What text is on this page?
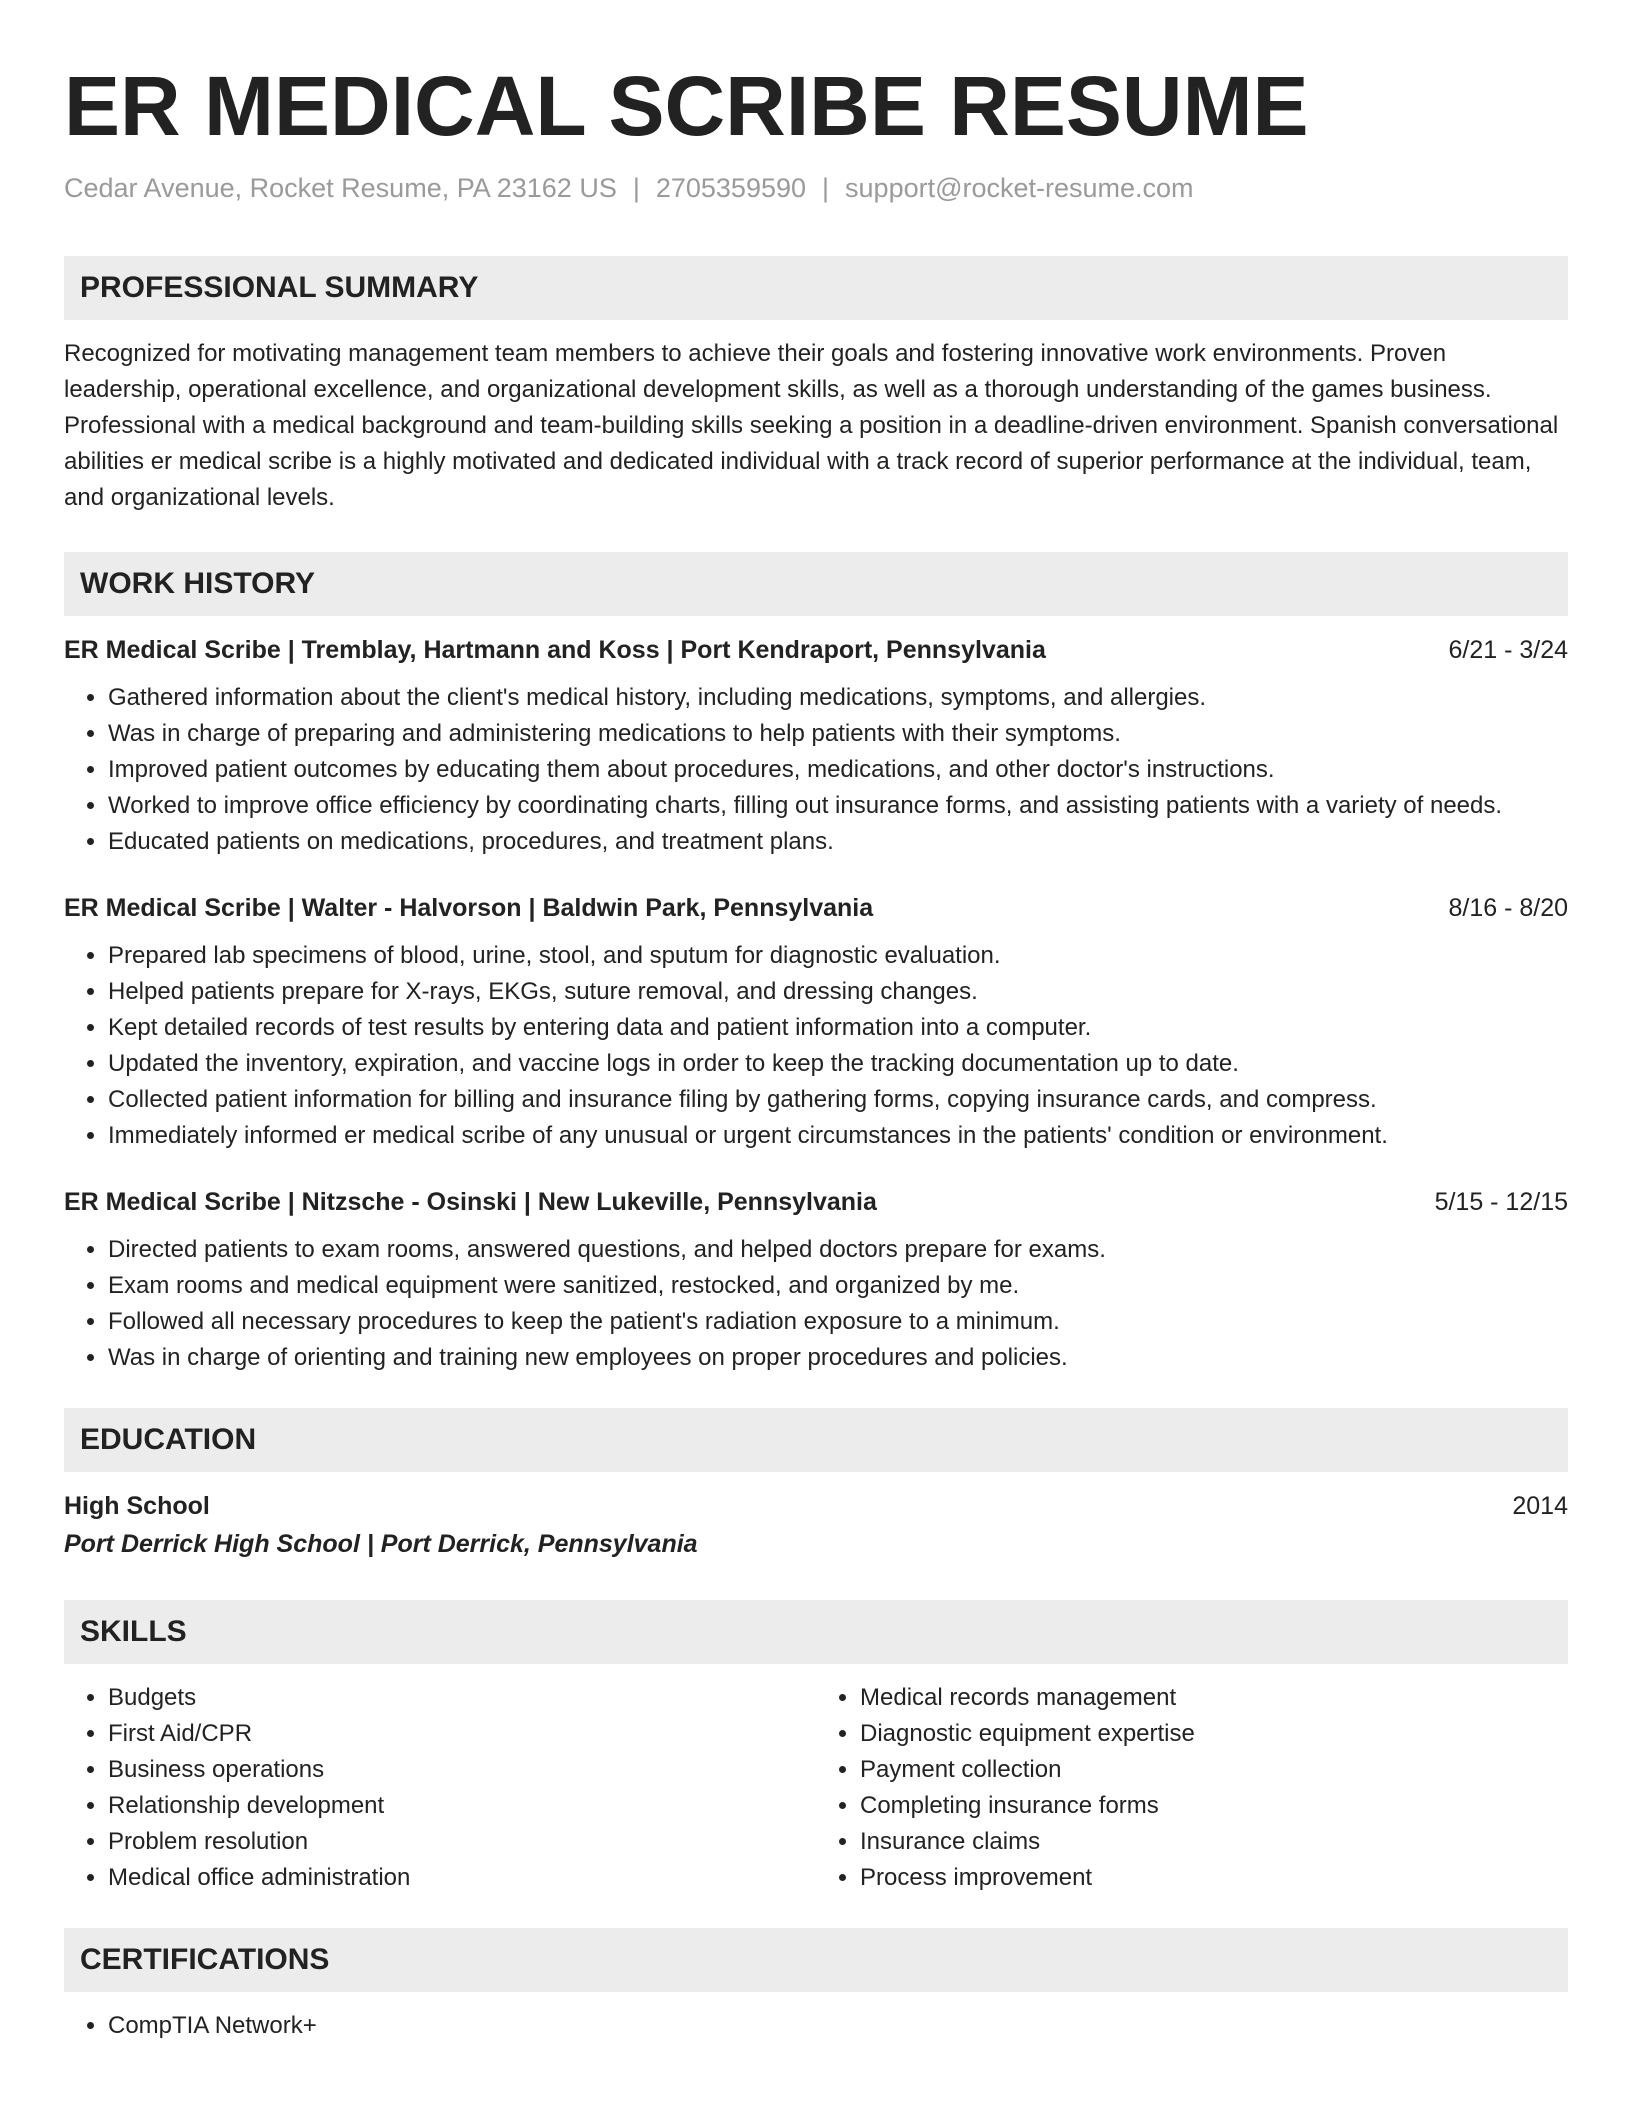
ER MEDICAL SCRIBE RESUME
Cedar Avenue, Rocket Resume, PA 23162 US | 2705359590 | support@rocket-resume.com
PROFESSIONAL SUMMARY

Recognized for motivating management team members to achieve their goals and fostering innovative work environments. Proven leadership, operational excellence, and organizational development skills, as well as a thorough understanding of the games business. Professional with a medical background and team-building skills seeking a position in a deadline-driven environment. Spanish conversational abilities er medical scribe is a highly motivated and dedicated individual with a track record of superior performance at the individual, team, and organizational levels.

WORK HISTORY
ER Medical Scribe | Tremblay, Hartmann and Koss | Port Kendraport, Pennsylvania	6/21 - 3/24
• Gathered information about the client's medical history, including medications, symptoms, and allergies.
• Was in charge of preparing and administering medications to help patients with their symptoms.
• Improved patient outcomes by educating them about procedures, medications, and other doctor's instructions.
• Worked to improve office efficiency by coordinating charts, filling out insurance forms, and assisting patients with a variety of needs.
• Educated patients on medications, procedures, and treatment plans.
ER Medical Scribe | Walter - Halvorson | Baldwin Park, Pennsylvania	8/16 - 8/20
• Prepared lab specimens of blood, urine, stool, and sputum for diagnostic evaluation.
• Helped patients prepare for X-rays, EKGs, suture removal, and dressing changes.
• Kept detailed records of test results by entering data and patient information into a computer.
• Updated the inventory, expiration, and vaccine logs in order to keep the tracking documentation up to date.
• Collected patient information for billing and insurance filing by gathering forms, copying insurance cards, and compress.
• Immediately informed er medical scribe of any unusual or urgent circumstances in the patients' condition or environment.
ER Medical Scribe | Nitzsche - Osinski | New Lukeville, Pennsylvania	5/15 - 12/15
• Directed patients to exam rooms, answered questions, and helped doctors prepare for exams.
• Exam rooms and medical equipment were sanitized, restocked, and organized by me.
• Followed all necessary procedures to keep the patient's radiation exposure to a minimum.
• Was in charge of orienting and training new employees on proper procedures and policies.
EDUCATION
High School	2014
Port Derrick High School | Port Derrick, Pennsylvania
SKILLS
• Budgets
• First Aid/CPR
• Business operations
• Relationship development
• Problem resolution
• Medical office administration
• Medical records management
• Diagnostic equipment expertise
• Payment collection
• Completing insurance forms
• Insurance claims
• Process improvement
CERTIFICATIONS
• CompTIA Network+
